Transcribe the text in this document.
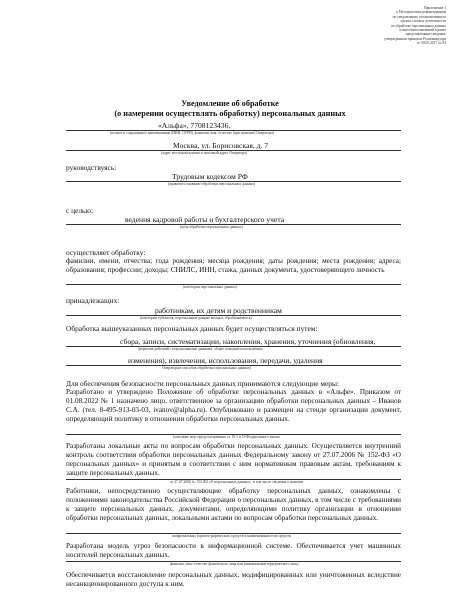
Приложение 1
к Методическим рекомендациям
по уведомлению уполномоченного
органа о начале деятельности
по обработке персональных данных
и внесении изменений в ранее
представленные сведения,
утвержденным приказом Роскомнадзора
от 30.05.2017 № 94
Уведомление об обработке
(о намерении осуществлять обработку) персональных данных
«Альфа», 7708123436,
(полное и сокращенное наименования (ИНН, ОГРН), фамилия, имя, отчество (при наличии) Оператора)
Москва, ул. Борисовская, д. 7
(адрес местонахождения и почтовый адрес Оператора)
руководствуясь:
Трудовым кодексом РФ
(правовое основание обработки персональных данных)
с целью:
ведения кадровой работы и бухгалтерского учета
(цель обработки персональных данных)
осуществляет обработку:
фамилии, имени, отчества; года рождения; месяца рождения; даты рождения; места рождения; адреса; образования; профессии; доходы; СНИЛС, ИНН, стажа, данных документа, удостоверяющего личность
(категории персональных данных)
принадлежащих:
работникам, их детям и родственникам
(категории субъектов, персональные данные которых обрабатываются)
Обработка вышеуказанных персональных данных будет осуществляться путем:
сбора, записи, систематизации, накопления, хранения, уточнения (обновления,
(перечень действий с персональными данными, общее описание используемых
изменения), извлечения, использования, передачи, удаления
Оператором способов обработки персональных данных)
Для обеспечения безопасности персональных данных принимаются следующие меры:
Разработано и утверждено Положение об обработке персональных данных в «Альфе». Приказом от 01.08.2022 № 1 назначено лицо, ответственное за организацию обработки персональных данных – Иванов С.А. (тел. 8-495-913-03-03, ivanov@alpha.ru). Опубликовано и размещен на стенде организации документ, определяющий политику в отношении обработки персональных данных.
(описание мер, предусмотренных ст. 18.1 и 19 Федерального закона
Разработаны локальные акты по вопросам обработки персональных данных. Осуществляется внутренний контроль соответствия обработки персональных данных Федеральному закону от 27.07.2006 № 152-ФЗ «О персональных данных» и принятым в соответствии с ним нормативным правовым актам, требованиям к защите персональных данных.
от 27.07.2006 № 152-ФЗ «О персональных данных», в том числе сведения о наличии
Работники, непосредственно осуществляющие обработку персональных данных, ознакомлены с положениями законодательства Российской Федерации о персональных данных, в том числе с требованиями к защите персональных данных, документами, определяющими политику организации в отношении обработки персональных данных, локальными актами по вопросам обработки персональных данных.
шифровальных (криптографических) средств и наименования этих средств;
Разработана модель угроз безопасности в информационной системе. Обеспечивается учет машинных носителей персональных данных.
фамилия, имя, отчество физического лица или наименование юридического лица,
Обеспечивается восстановление персональных данных, модифицированных или уничтоженных вследствие несанкционированного доступа к ним.
